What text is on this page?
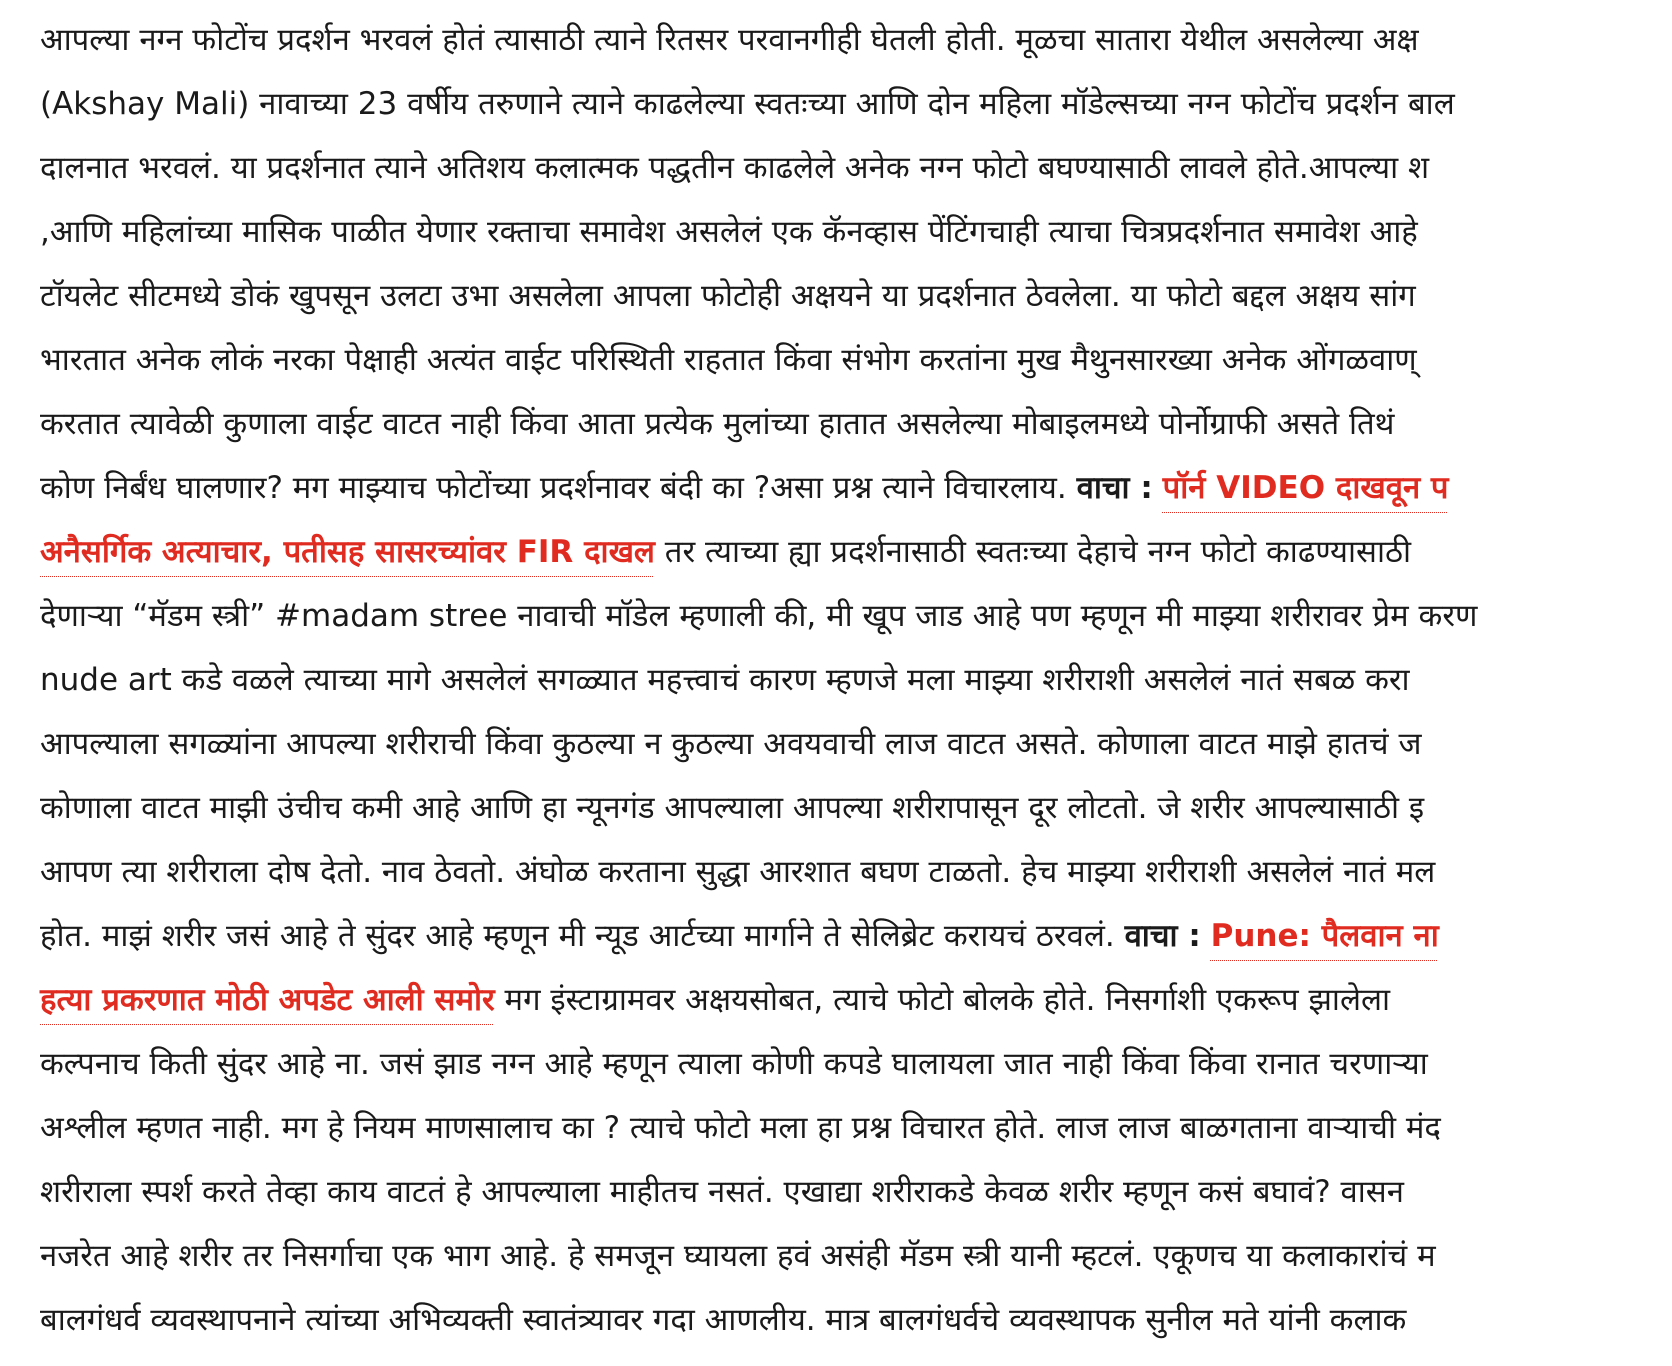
आपल्या नग्न फोटोंच प्रदर्शन भरवलं होतं त्यासाठी त्याने रितसर परवानगीही घेतली होती. मूळचा सातारा येथील असलेल्या अक्ष
(Akshay Mali) नावाच्या 23 वर्षीय तरुणाने त्याने काढलेल्या स्वतःच्या आणि दोन महिला मॉडेल्सच्या नग्न फोटोंच प्रदर्शन बाल
दालनात भरवलं. या प्रदर्शनात त्याने अतिशय कलात्मक पद्धतीन काढलेले अनेक नग्न फोटो बघण्यासाठी लावले होते.आपल्या श
,आणि महिलांच्या मासिक पाळीत येणार रक्ताचा समावेश असलेलं एक कॅनव्हास पेंटिंगचाही त्याचा चित्रप्रदर्शनात समावेश आहे
टॉयलेट सीटमध्ये डोकं खुपसून उलटा उभा असलेला आपला फोटोही अक्षयने या प्रदर्शनात ठेवलेला. या फोटो बद्दल अक्षय सांग
भारतात अनेक लोकं नरका पेक्षाही अत्यंत वाईट परिस्थिती राहतात किंवा संभोग करतांना मुख मैथुनसारख्या अनेक ओंगळवाण्
करतात त्यावेळी कुणाला वाईट वाटत नाही किंवा आता प्रत्येक मुलांच्या हातात असलेल्या मोबाइलमध्ये पोर्नोग्राफी असते तिथं
कोण निर्बंध घालणार? मग माझ्याच फोटोंच्या प्रदर्शनावर बंदी का ?असा प्रश्न त्याने विचारलाय. वाचा : पॉर्न VIDEO दाखवून प
अनैसर्गिक अत्याचार, पतीसह सासरच्यांवर FIR दाखल तर त्याच्या ह्या प्रदर्शनासाठी स्वतःच्या देहाचे नग्न फोटो काढण्यासाठी
देणाऱ्या “मॅडम स्त्री” #madam stree नावाची मॉडेल म्हणाली की, मी खूप जाड आहे पण म्हणून मी माझ्या शरीरावर प्रेम करण
nude art कडे वळले त्याच्या मागे असलेलं सगळ्यात महत्त्वाचं कारण म्हणजे मला माझ्या शरीराशी असलेलं नातं सबळ करा
आपल्याला सगळ्यांना आपल्या शरीराची किंवा कुठल्या न कुठल्या अवयवाची लाज वाटत असते. कोणाला वाटत माझे हातचं ज
कोणाला वाटत माझी उंचीच कमी आहे आणि हा न्यूनगंड आपल्याला आपल्या शरीरापासून दूर लोटतो. जे शरीर आपल्यासाठी इ
आपण त्या शरीराला दोष देतो. नाव ठेवतो. अंघोळ करताना सुद्धा आरशात बघण टाळतो. हेच माझ्या शरीराशी असलेलं नातं मल
होत. माझं शरीर जसं आहे ते सुंदर आहे म्हणून मी न्यूड आर्टच्या मार्गाने ते सेलिब्रेट करायचं ठरवलं. वाचा : Pune: पैलवान ना
हत्या प्रकरणात मोठी अपडेट आली समोर मग इंस्टाग्रामवर अक्षयसोबत, त्याचे फोटो बोलके होते. निसर्गाशी एकरूप झालेला
कल्पनाच किती सुंदर आहे ना. जसं झाड नग्न आहे म्हणून त्याला कोणी कपडे घालायला जात नाही किंवा किंवा रानात चरणाऱ्या
अश्लील म्हणत नाही. मग हे नियम माणसालाच का ? त्याचे फोटो मला हा प्रश्न विचारत होते. लाज लाज बाळगताना वाऱ्याची मंद
शरीराला स्पर्श करते तेव्हा काय वाटतं हे आपल्याला माहीतच नसतं. एखाद्या शरीराकडे केवळ शरीर म्हणून कसं बघावं? वासन
नजरेत आहे शरीर तर निसर्गाचा एक भाग आहे. हे समजून घ्यायला हवं असंही मॅडम स्त्री यानी म्हटलं. एकूणच या कलाकारांचं म
बालगंधर्व व्यवस्थापनाने त्यांच्या अभिव्यक्ती स्वातंत्र्यावर गदा आणलीय. मात्र बालगंधर्वचे व्यवस्थापक सुनील मते यांनी कलाक
